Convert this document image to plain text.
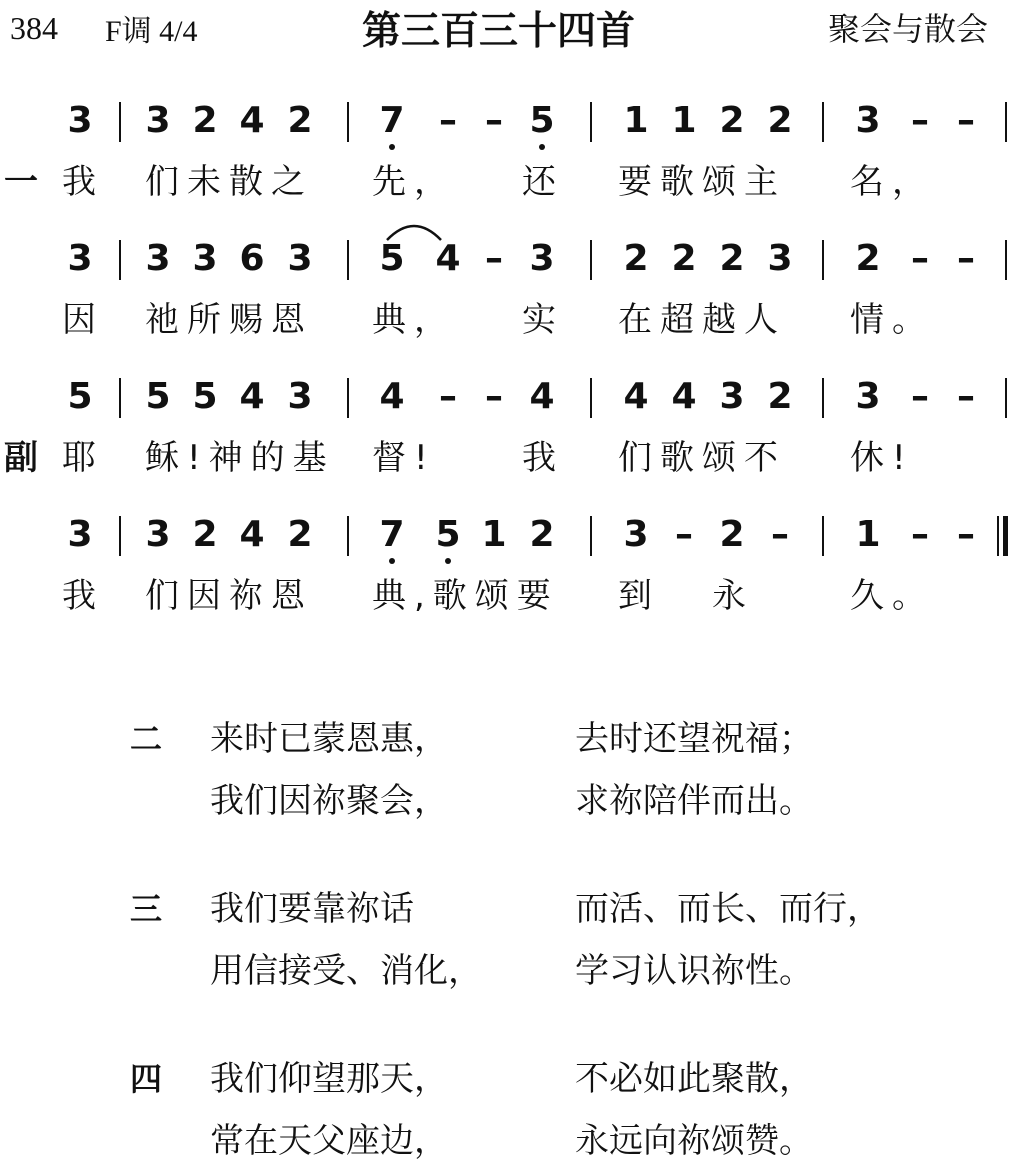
384 F调 4/4	第三百三十四首	聚会与散会
3 3 2 4 2 7 – – 5 1 1 2 2 3 – –
一 我 们未散之 先， 还 要歌颂主 名，
3 3 3 6 3 5 4 – 3 2 2 2 3 2 – –
因 祂所赐恩 典， 实 在超越人 情。
5 5 5 4 3 4 – – 4 4 4 3 2 3 – –
副 耶 稣!神的基 督!	我 们歌颂不 休!
3 3 2 4 2 7 5 1 2 3 – 2 –	1 – –
我 们因祢恩 典,歌颂要 到 永	久。
二 来时已蒙恩惠，	去时还望祝福；
我们因祢聚会，	求祢陪伴而出。
三 我们要靠祢话	而活、而长、而行，
用信接受、消化，	学习认识祢性。
四 我们仰望那天，	不必如此聚散，
常在天父座边，	永远向祢颂赞。
